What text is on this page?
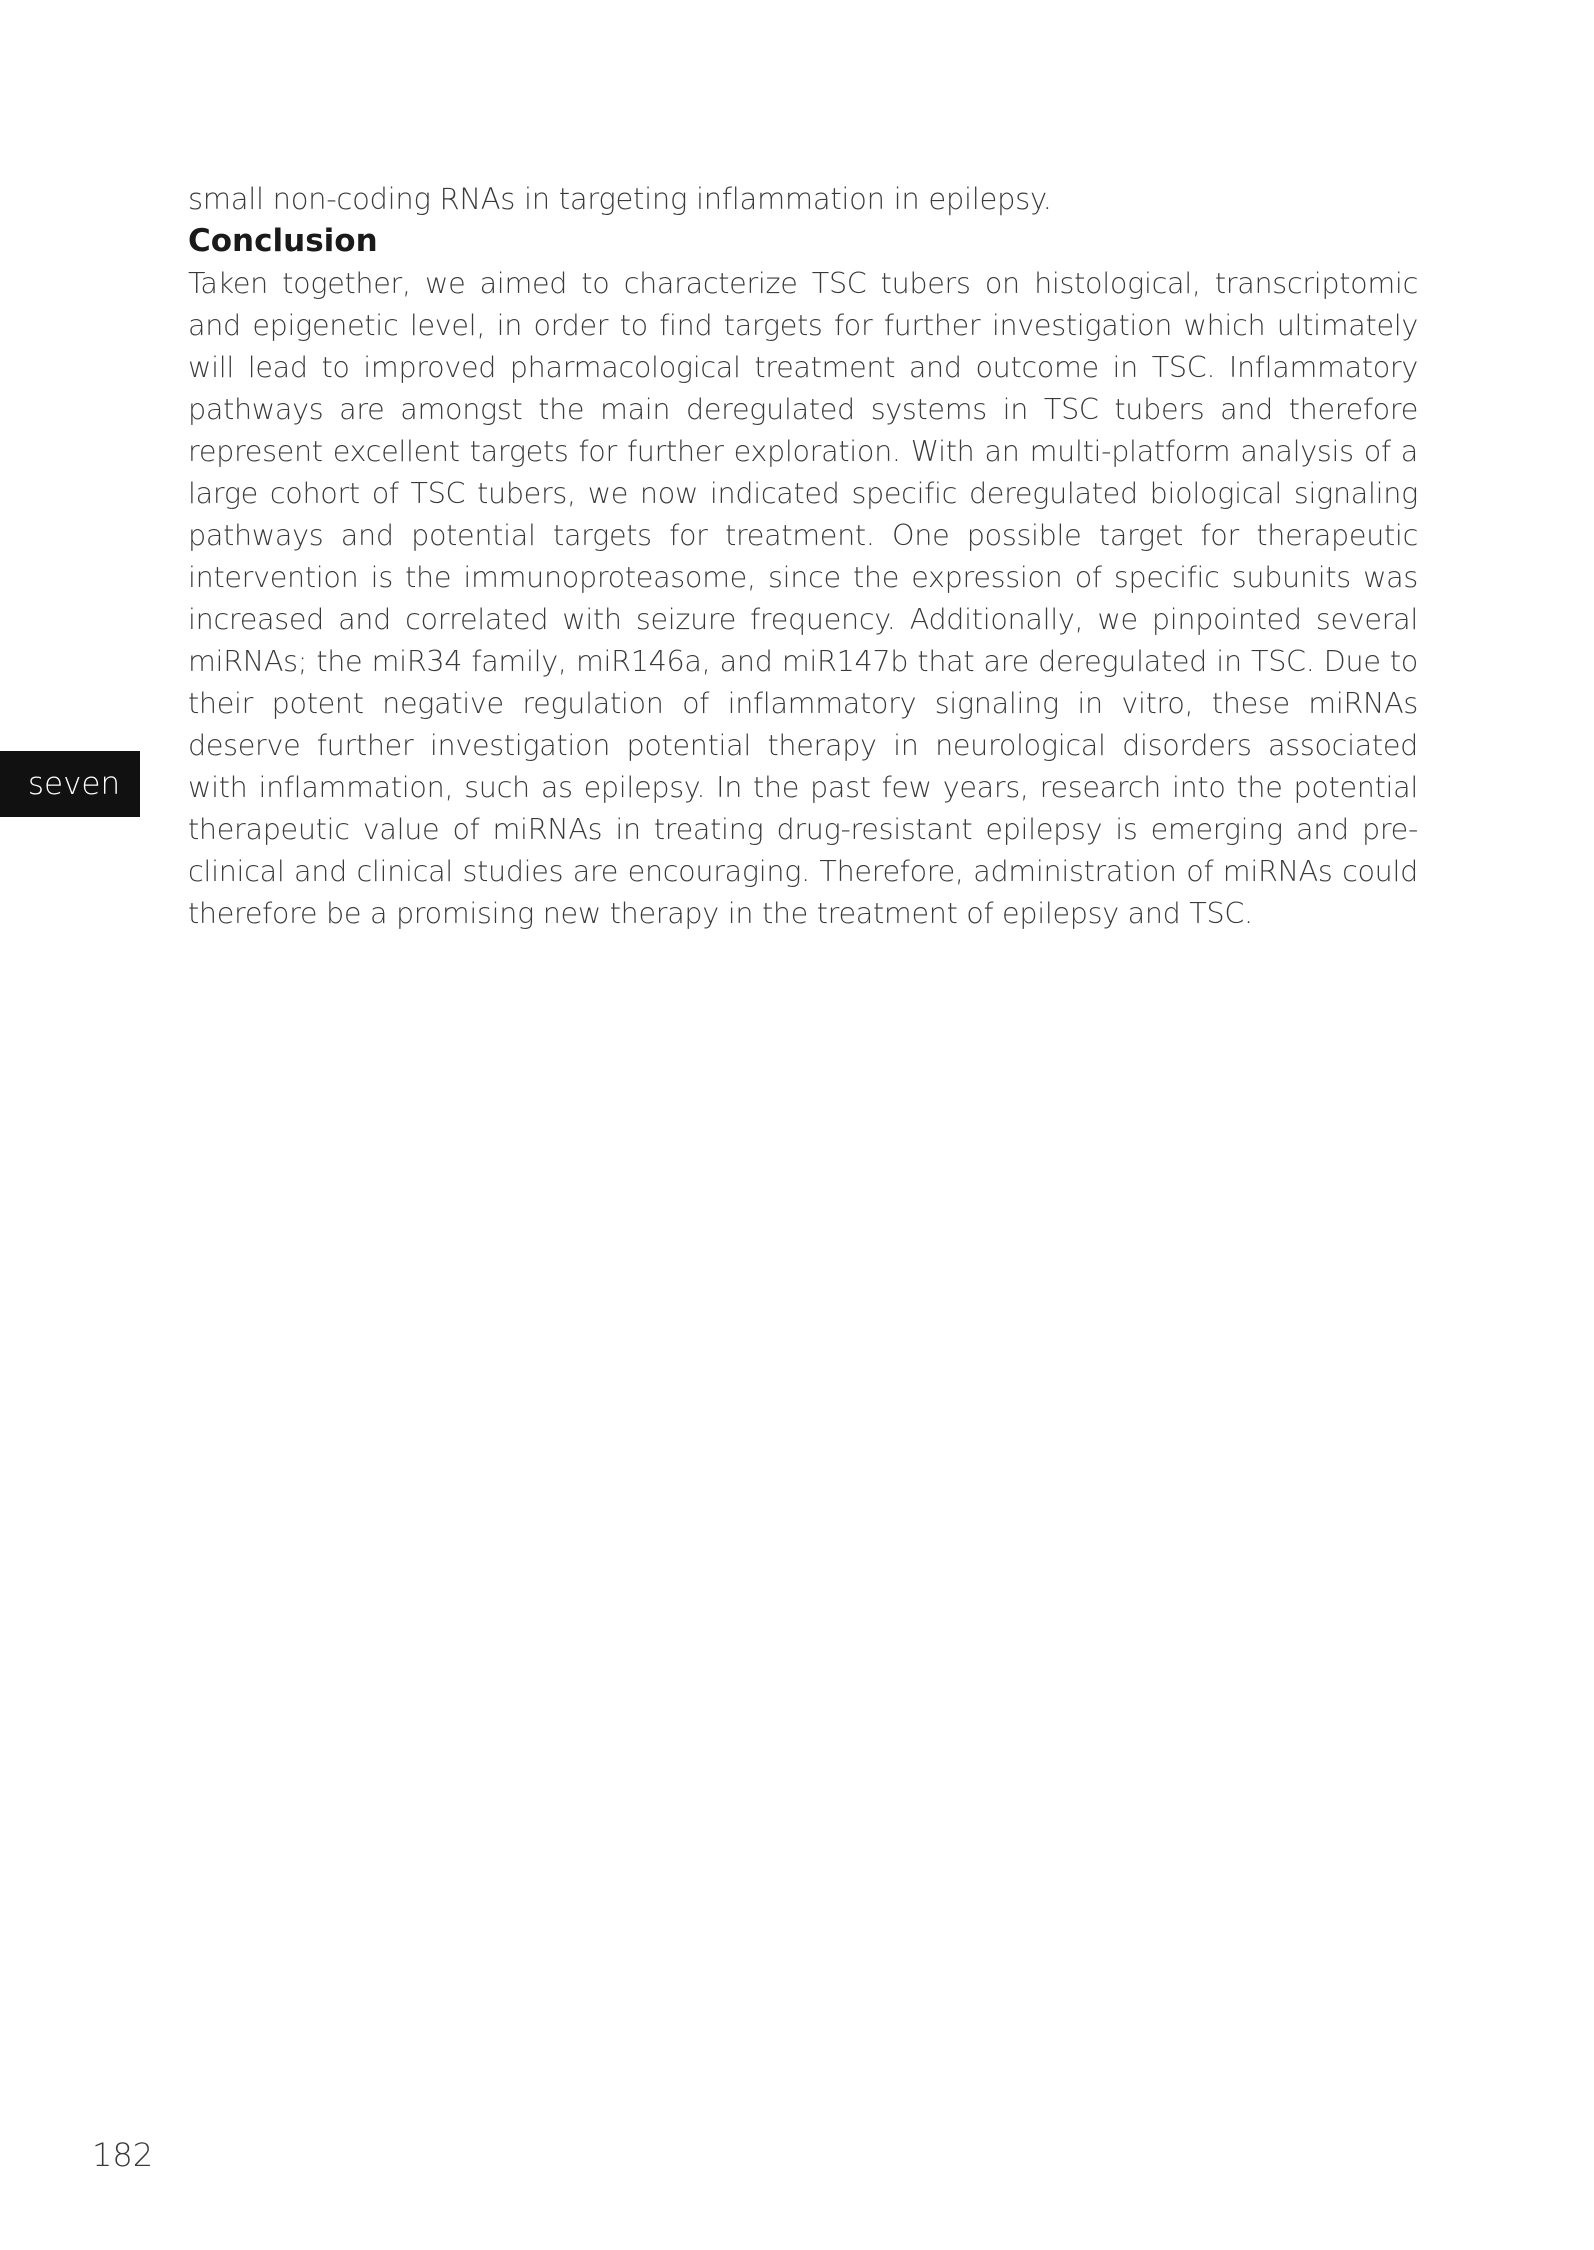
small non-coding RNAs in targeting inflammation in epilepsy.

Conclusion

Taken together, we aimed to characterize TSC tubers on histological, transcriptomic and epigenetic level, in order to find targets for further investigation which ultimately will lead to improved pharmacological treatment and outcome in TSC. Inflammatory pathways are amongst the main deregulated systems in TSC tubers and therefore represent excellent targets for further exploration. With an multi-platform analysis of a large cohort of TSC tubers, we now indicated specific deregulated biological signaling pathways and potential targets for treatment. One possible target for therapeutic intervention is the immunoproteasome, since the expression of specific subunits was increased and correlated with seizure frequency. Additionally, we pinpointed several miRNAs; the miR34 family, miR146a, and miR147b that are deregulated in TSC. Due to their potent negative regulation of inflammatory signaling in vitro, these miRNAs deserve further investigation potential therapy in neurological disorders associated with inflammation, such as epilepsy. In the past few years, research into the potential therapeutic value of miRNAs in treating drug-resistant epilepsy is emerging and pre-clinical and clinical studies are encouraging. Therefore, administration of miRNAs could therefore be a promising new therapy in the treatment of epilepsy and TSC.

seven
182
